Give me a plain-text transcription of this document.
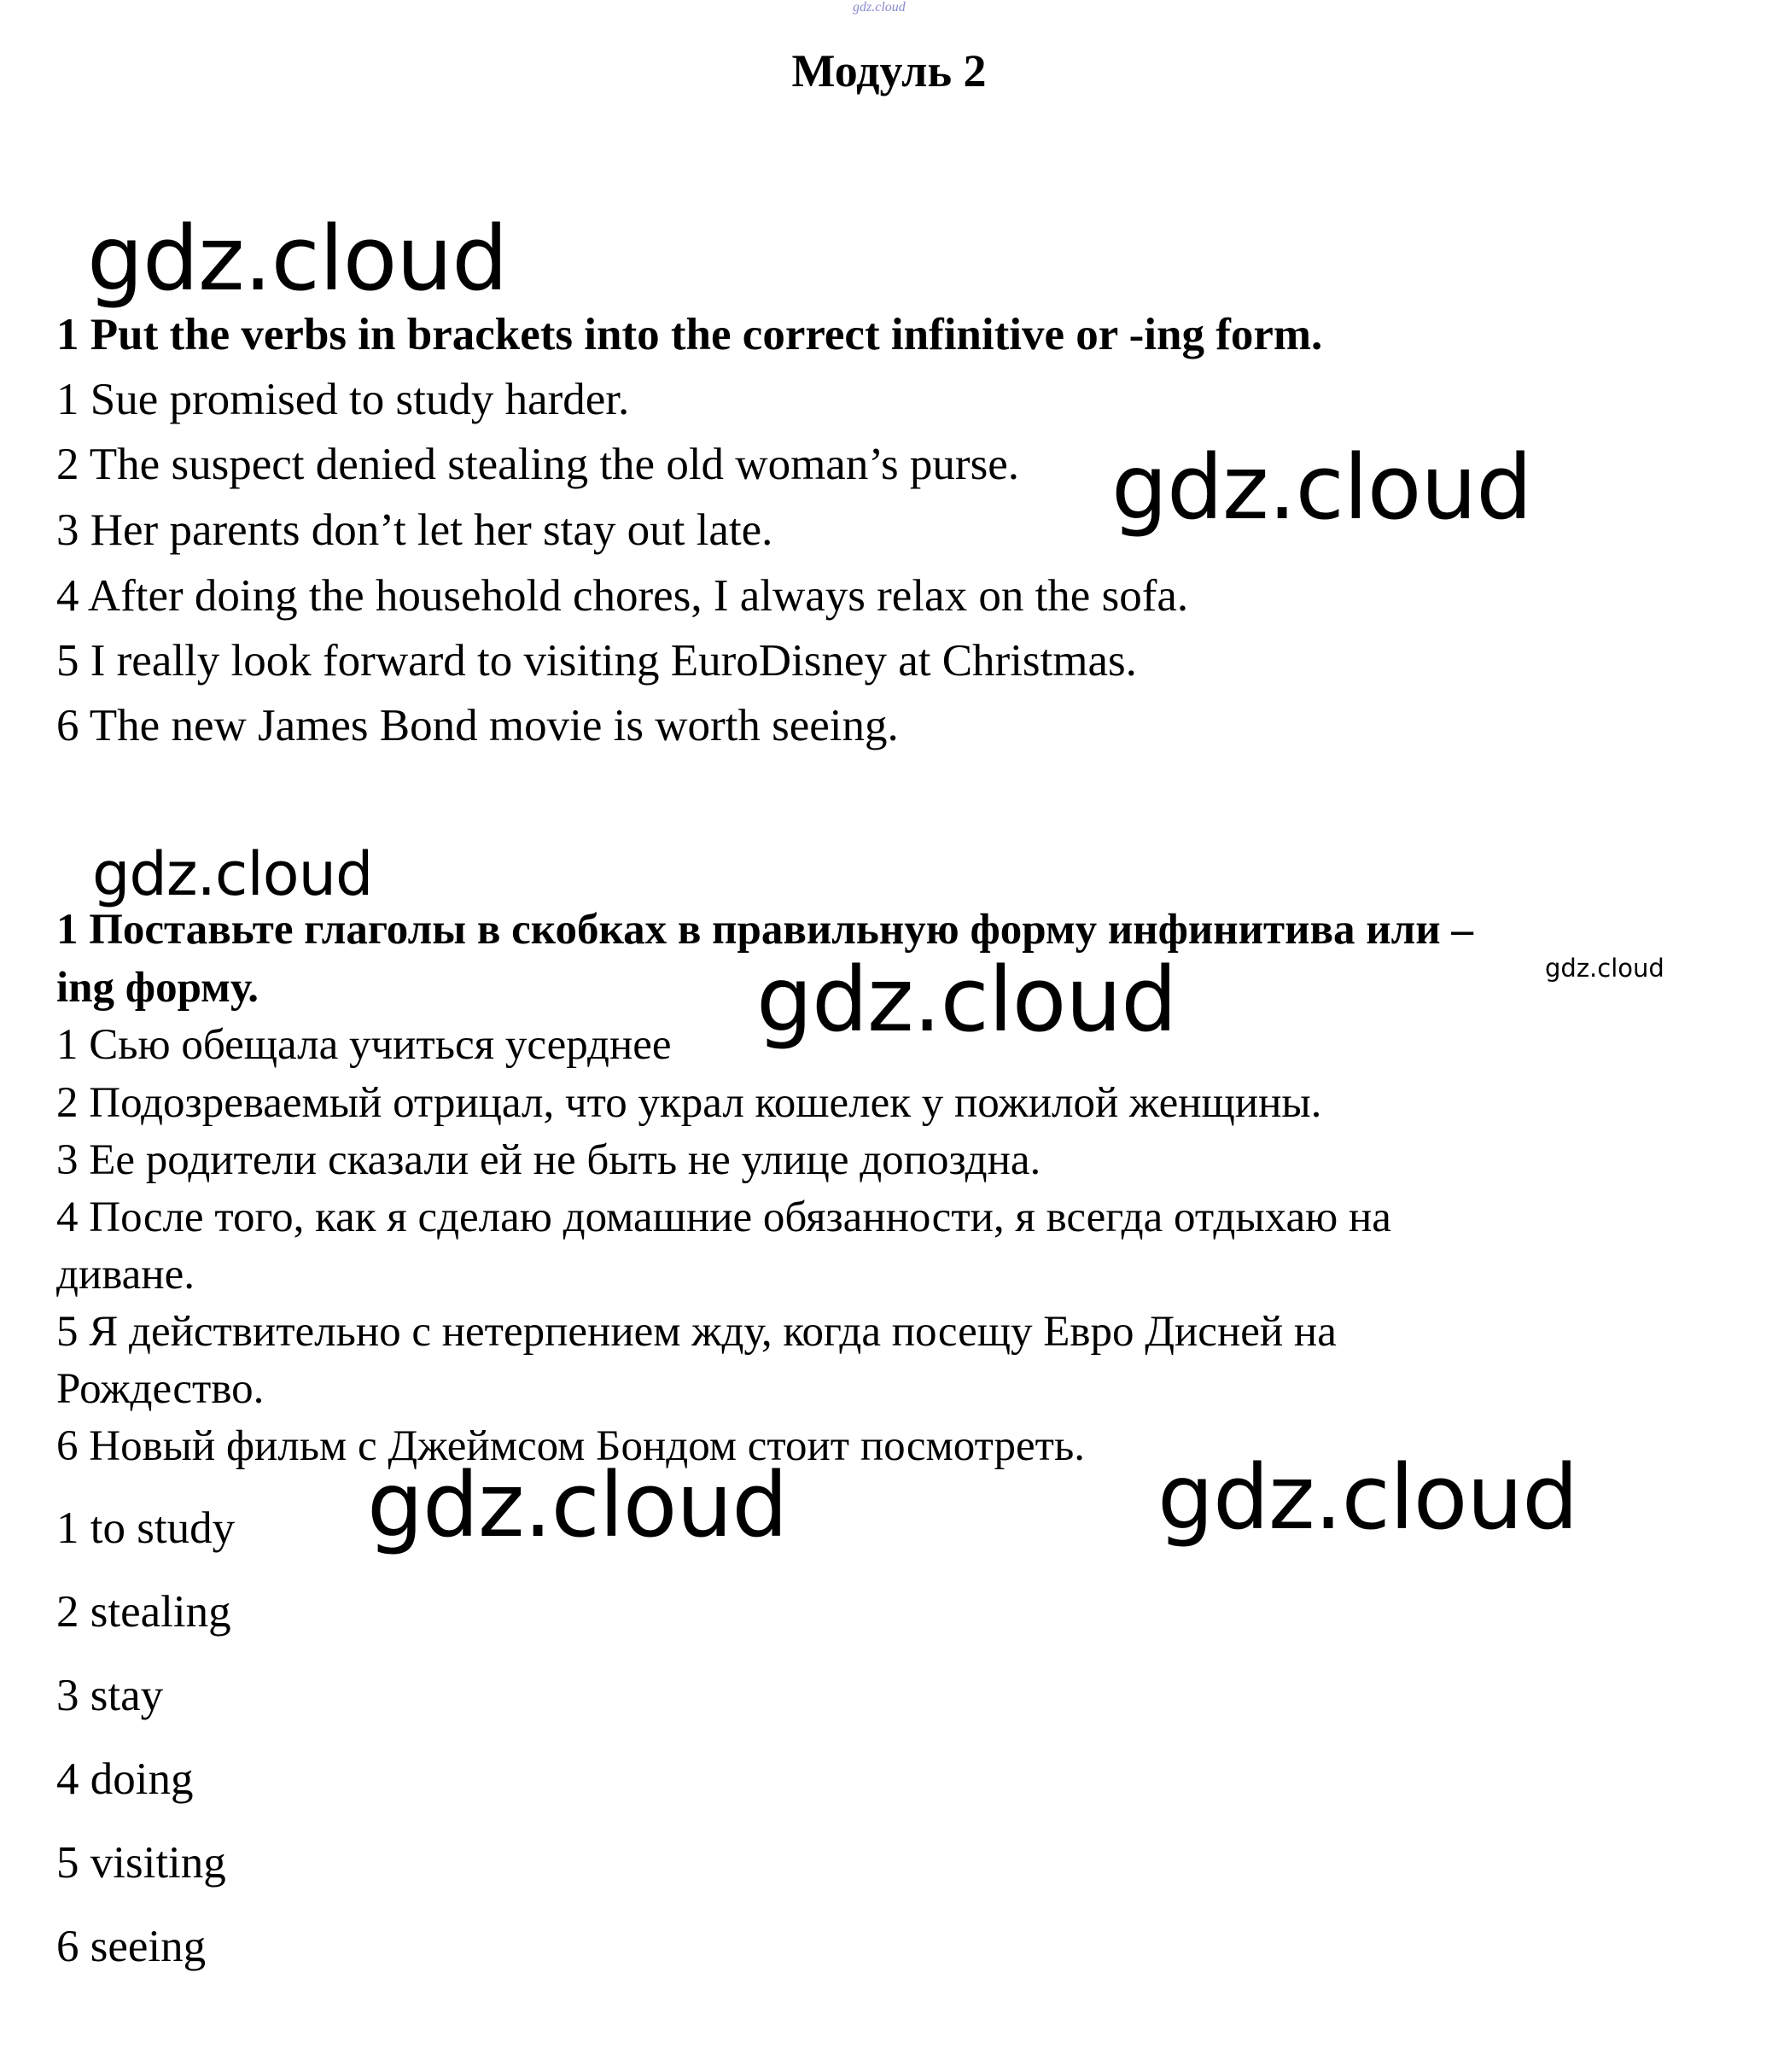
gdz.cloud
Модуль 2
1 Put the verbs in brackets into the correct infinitive or -ing form.
1 Sue promised to study harder.
2 The suspect denied stealing the old woman’s purse.
3 Her parents don’t let her stay out late.
4 After doing the household chores, I always relax on the sofa.
5 I really look forward to visiting EuroDisney at Christmas.
6 The new James Bond movie is worth seeing.
1 Поставьте глаголы в скобках в правильную форму инфинитива или –
ing форму.
1 Сью обещала учиться усерднее
2 Подозреваемый отрицал, что украл кошелек у пожилой женщины.
3 Ее родители сказали ей не быть не улице допоздна.
4 После того, как я сделаю домашние обязанности, я всегда отдыхаю на
диване.
5 Я действительно с нетерпением жду, когда посещу Евро Дисней на
Рождество.
6 Новый фильм с Джеймсом Бондом стоит посмотреть.
1 to study
2 stealing
3 stay
4 doing
5 visiting
6 seeing
gdz.cloud
gdz.cloud
gdz.cloud
gdz.cloud	gdz.cloud
gdz.cloud	gdz.cloud
